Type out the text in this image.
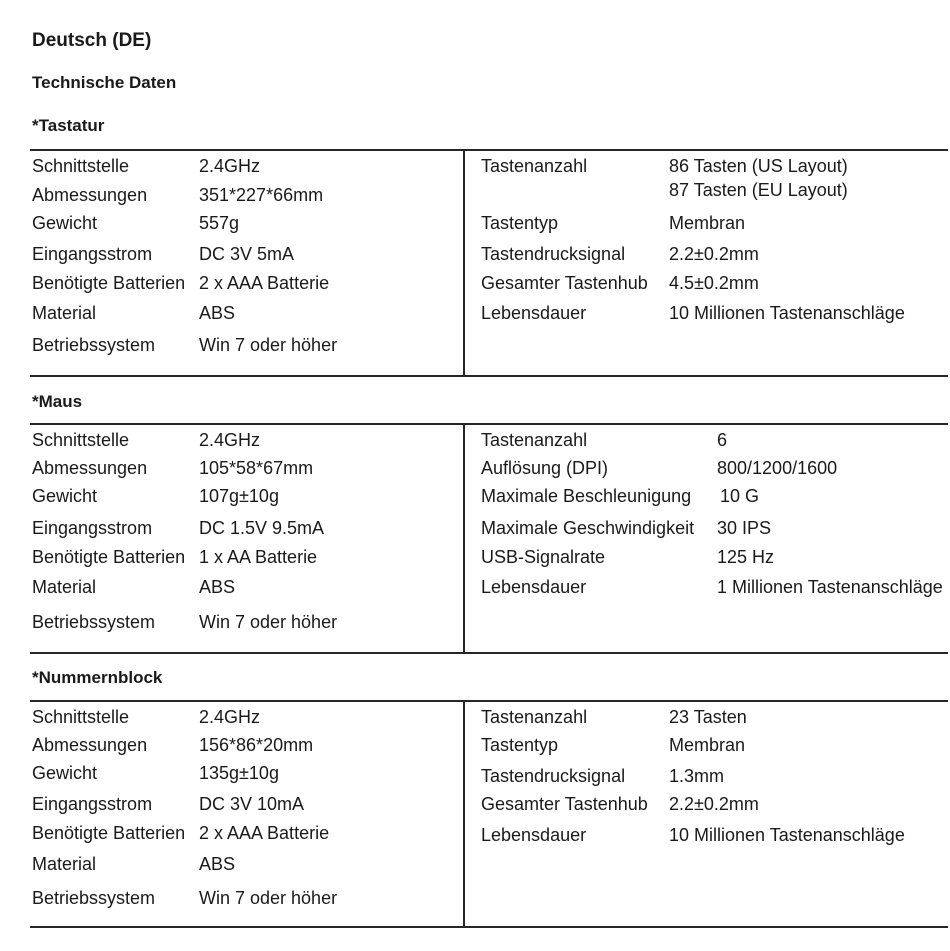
Deutsch (DE)
Technische Daten
*Tastatur
Schnittstelle	2.4GHz
Abmessungen	351*227*66mm
Gewicht	557g
Eingangsstrom	DC 3V 5mA
Benötigte Batterien 2 x AAA Batterie
Material	ABS
Betriebssystem Win 7 oder höher
Tastenanzahl	86 Tasten (US Layout)
87 Tasten (EU Layout)
Tastentyp	Membran
Tastendrucksignal 2.2±0.2mm
Gesamter Tastenhub 4.5±0.2mm
Lebensdauer	10 Millionen Tastenanschläge
*Maus
Schnittstelle	2.4GHz
Abmessungen	105*58*67mm
Gewicht	107g±10g
Eingangsstrom	DC 1.5V 9.5mA
Benötigte Batterien 1 x AA Batterie
Material	ABS
Betriebssystem Win 7 oder höher
Tastenanzahl	6
Auflösung (DPI)	800/1200/1600
Maximale Beschleunigung 10 G
Maximale Geschwindigkeit 30 IPS
USB-Signalrate	125 Hz
Lebensdauer	1 Millionen Tastenanschläge
*Nummernblock
Schnittstelle	2.4GHz
Abmessungen	156*86*20mm
Gewicht	135g±10g
Eingangsstrom	DC 3V 10mA
Benötigte Batterien 2 x AAA Batterie
Material	ABS
Betriebssystem Win 7 oder höher
Tastenanzahl	23 Tasten
Tastentyp	Membran
Tastendrucksignal 1.3mm
Gesamter Tastenhub 2.2±0.2mm
Lebensdauer	10 Millionen Tastenanschläge
